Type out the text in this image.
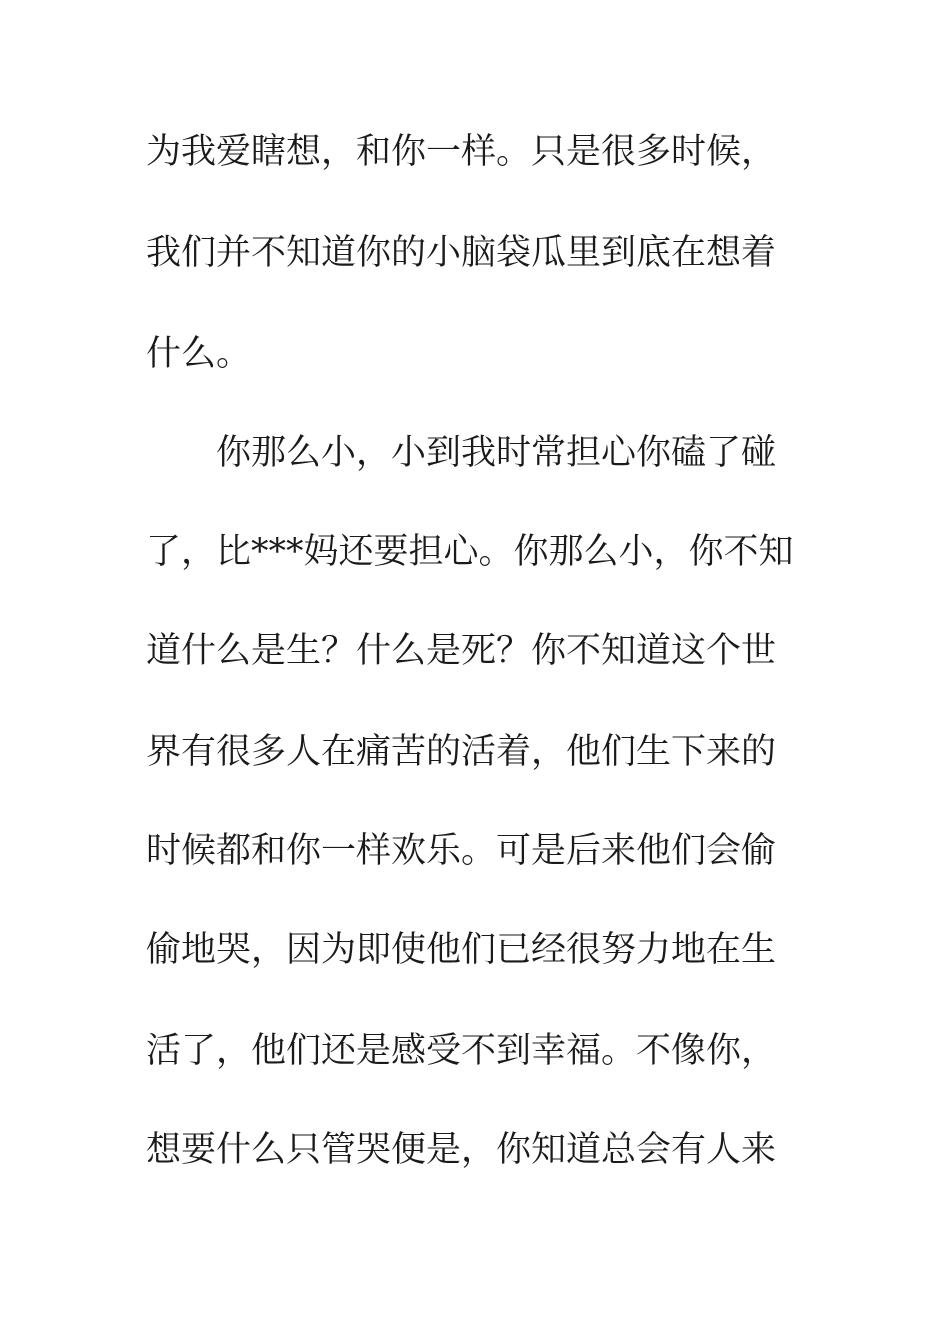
为我爱瞎想，和你一样。只是很多时候，

我们并不知道你的小脑袋瓜里到底在想着

什么。

你那么小，小到我时常担心你磕了碰

了，比***妈还要担心。你那么小，你不知

道什么是生？什么是死？你不知道这个世

界有很多人在痛苦的活着，他们生下来的

时候都和你一样欢乐。可是后来他们会偷

偷地哭，因为即使他们已经很努力地在生

活了，他们还是感受不到幸福。不像你，

想要什么只管哭便是，你知道总会有人来
